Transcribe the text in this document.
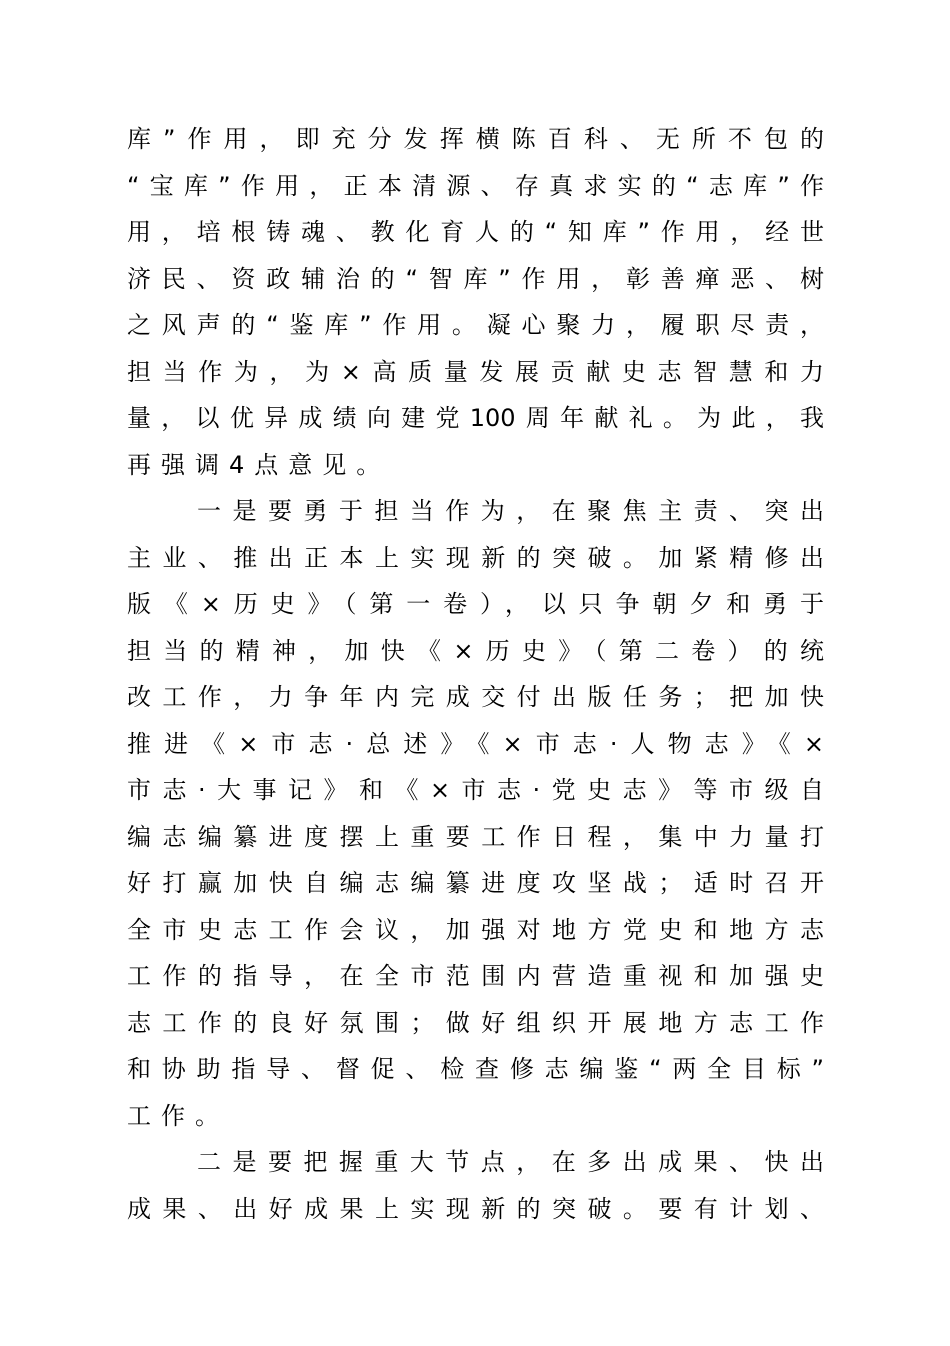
库”作用，即充分发挥横陈百科、无所不包的
“宝库”作用，正本清源、存真求实的“志库”作
用，培根铸魂、教化育人的“知库”作用，经世
济民、资政辅治的“智库”作用，彰善瘅恶、树
之风声的“鉴库”作用。凝心聚力，履职尽责，
担当作为，为×高质量发展贡献史志智慧和力
量，以优异成绩向建党100周年献礼。为此，我
再强调4点意见。
一是要勇于担当作为，在聚焦主责、突出
主业、推出正本上实现新的突破。加紧精修出
版《×历史》（第一卷），以只争朝夕和勇于
担当的精神，加快《×历史》（第二卷）的统
改工作，力争年内完成交付出版任务；把加快
推进《×市志·总述》《×市志·人物志》《×
市志·大事记》和《×市志·党史志》等市级自
编志编纂进度摆上重要工作日程，集中力量打
好打赢加快自编志编纂进度攻坚战；适时召开
全市史志工作会议，加强对地方党史和地方志
工作的指导，在全市范围内营造重视和加强史
志工作的良好氛围；做好组织开展地方志工作
和协助指导、督促、检查修志编鉴“两全目标”
工作。
二是要把握重大节点，在多出成果、快出
成果、出好成果上实现新的突破。要有计划、
